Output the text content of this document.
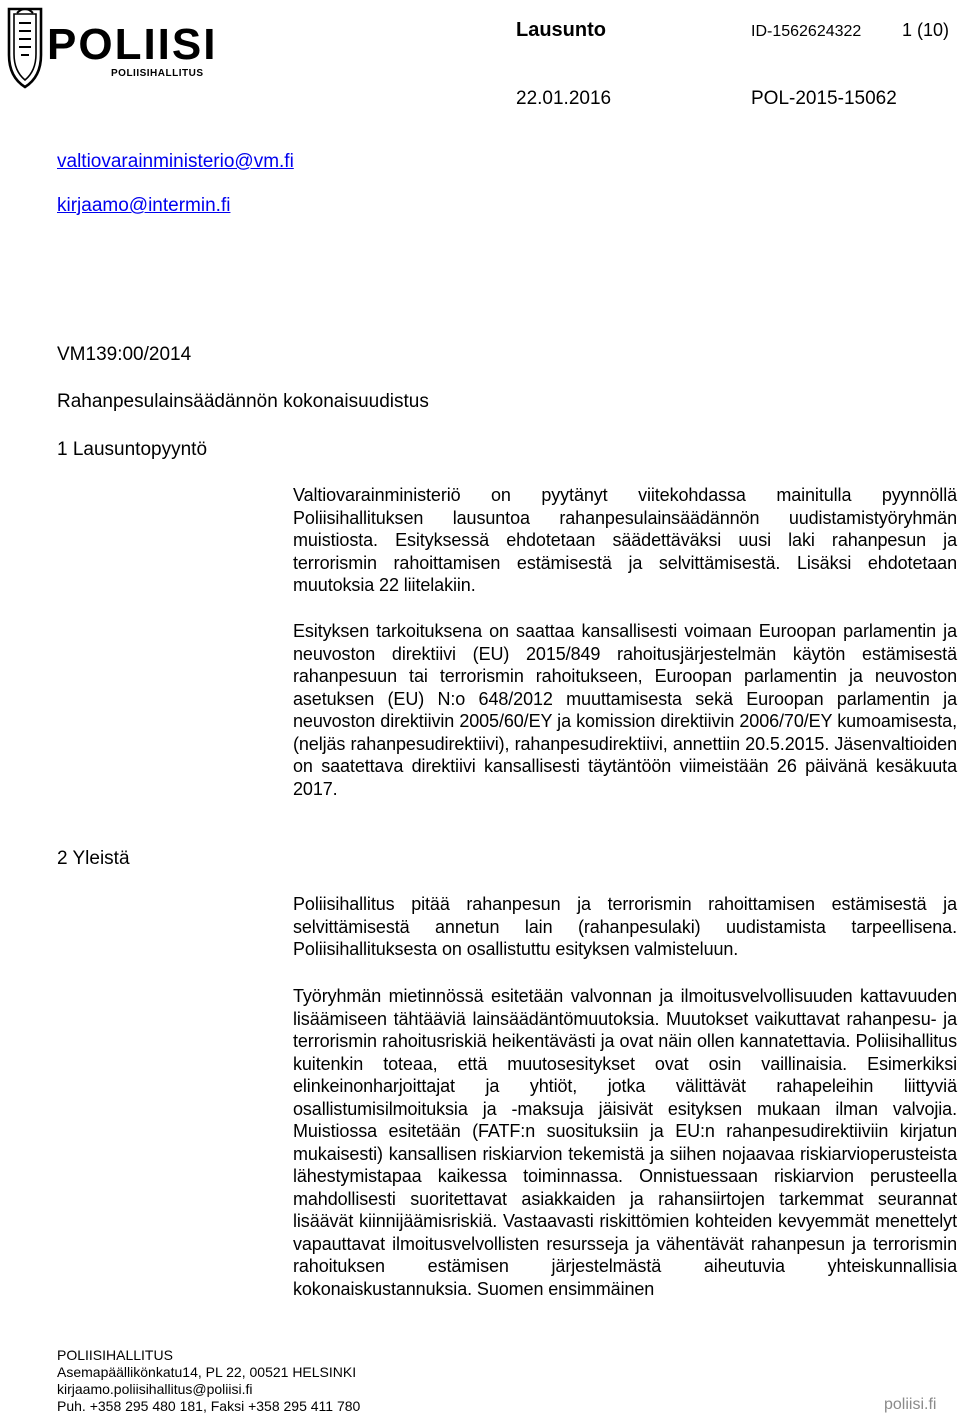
POLIISI
POLIISIHALLITUS
Lausunto	ID-1562624322 1 (10)
22.01.2016	POL-2015-15062
valtiovarainministerio@vm.fi
kirjaamo@intermin.fi
VM139:00/2014
Rahanpesulainsäädännön kokonaisuudistus
1 Lausuntopyyntö

Valtiovarainministeriö on pyytänyt viitekohdassa mainitulla pyynnöllä Poliisihallituksen lausuntoa rahanpesulainsäädännön uudistamistyöryhmän muistiosta. Esityksessä ehdotetaan säädettäväksi uusi laki rahanpesun ja terrorismin rahoittamisen estämisestä ja selvittämisestä. Lisäksi ehdotetaan muutoksia 22 liitelakiin.

Esityksen tarkoituksena on saattaa kansallisesti voimaan Euroopan parlamentin ja neuvoston direktiivi (EU) 2015/849 rahoitusjärjestelmän käytön estämisestä rahanpesuun tai terrorismin rahoitukseen, Euroopan parlamentin ja neuvoston asetuksen (EU) N:o 648/2012 muuttamisesta sekä Euroopan parlamentin ja neuvoston direktiivin 2005/60/EY ja komission direktiivin 2006/70/EY kumoamisesta, (neljäs rahanpesudirektiivi), rahanpesudirektiivi, annettiin 20.5.2015. Jäsenvaltioiden on saatettava direktiivi kansallisesti täytäntöön viimeistään 26 päivänä kesäkuuta 2017.

2 Yleistä

Poliisihallitus pitää rahanpesun ja terrorismin rahoittamisen estämisestä ja selvittämisestä annetun lain (rahanpesulaki) uudistamista tarpeellisena. Poliisihallituksesta on osallistuttu esityksen valmisteluun.

Työryhmän mietinnössä esitetään valvonnan ja ilmoitusvelvollisuuden kattavuuden lisäämiseen tähtääviä lainsäädäntömuutoksia. Muutokset vaikuttavat rahanpesu- ja terrorismin rahoitusriskiä heikentävästi ja ovat näin ollen kannatettavia. Poliisihallitus kuitenkin toteaa, että muutosesitykset ovat osin vaillinaisia. Esimerkiksi elinkeinonharjoittajat ja yhtiöt, jotka välittävät rahapeleihin liittyviä osallistumisilmoituksia ja -maksuja jäisivät esityksen mukaan ilman valvojia. Muistiossa esitetään (FATF:n suosituksiin ja EU:n rahanpesudirektiiviin kirjatun mukaisesti) kansallisen riskiarvion tekemistä ja siihen nojaavaa riskiarvioperusteista lähestymistapaa kaikessa toiminnassa. Onnistuessaan riskiarvion perusteella mahdollisesti suoritettavat asiakkaiden ja rahansiirtojen tarkemmat seurannat lisäävät kiinnijäämisriskiä. Vastaavasti riskittömien kohteiden kevyemmät menettelyt vapauttavat ilmoitusvelvollisten resursseja ja vähentävät rahanpesun ja terrorismin rahoituksen estämisen järjestelmästä aiheutuvia yhteiskunnallisia kokonaiskustannuksia. Suomen ensimmäinen

POLIISIHALLITUS
Asemapäällikönkatu14, PL 22, 00521 HELSINKI
kirjaamo.poliisihallitus@poliisi.fi
Puh. +358 295 480 181, Faksi +358 295 411 780	poliisi.fi
